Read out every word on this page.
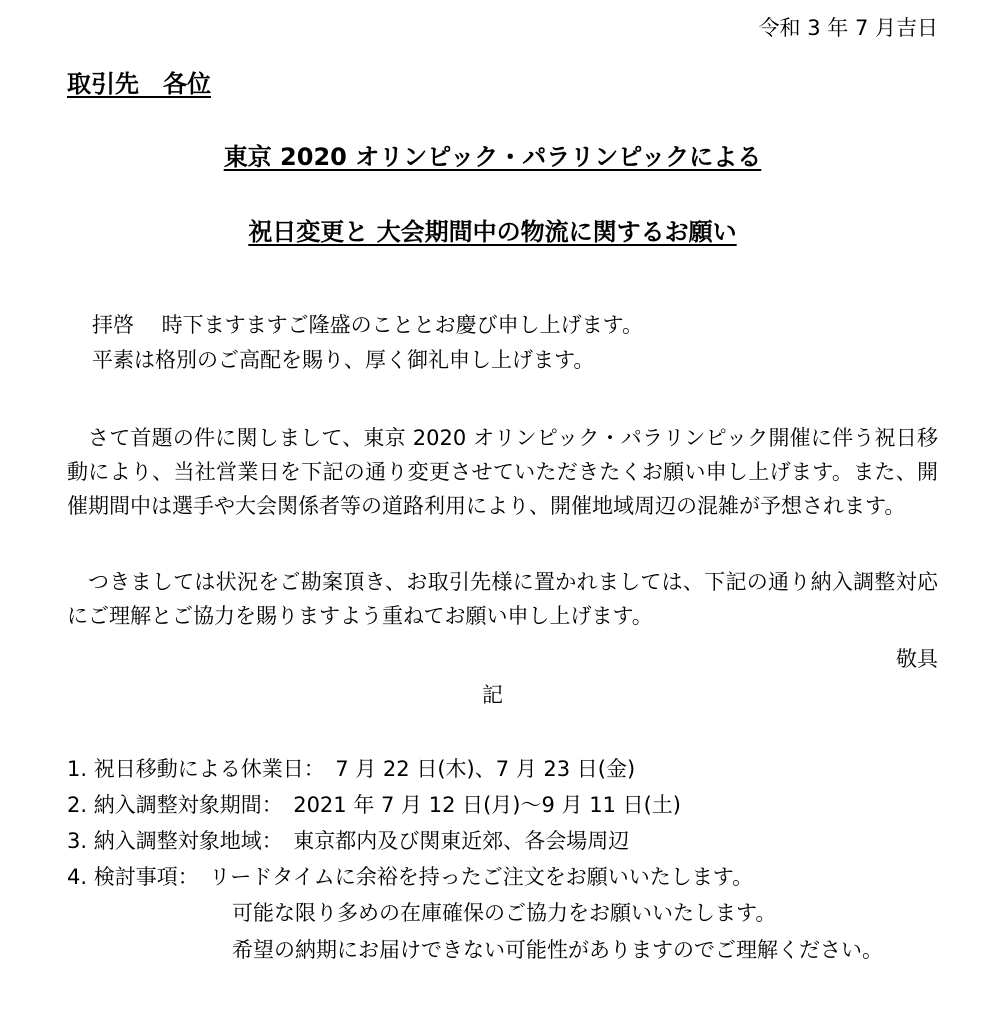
令和 3 年 7 月吉日
取引先　各位
東京 2020 オリンピック・パラリンピックによる
祝日変更と 大会期間中の物流に関するお願い
拝啓　 時下ますますご隆盛のこととお慶び申し上げます。
平素は格別のご高配を賜り、厚く御礼申し上げます。
さて首題の件に関しまして、東京 2020 オリンピック・パラリンピック開催に伴う祝日移動により、当社営業日を下記の通り変更させていただきたくお願い申し上げます。また、開催期間中は選手や大会関係者等の道路利用により、開催地域周辺の混雑が予想されます。
つきましては状況をご勘案頂き、お取引先様に置かれましては、下記の通り納入調整対応にご理解とご協力を賜りますよう重ねてお願い申し上げます。
敬具
記
1. 祝日移動による休業日：　7 月 22 日(木)、7 月 23 日(金)
2. 納入調整対象期間：　2021 年 7 月 12 日(月)～9 月 11 日(土)
3. 納入調整対象地域：　東京都内及び関東近郊、各会場周辺
4. 検討事項：　リードタイムに余裕を持ったご注文をお願いいたします。
可能な限り多めの在庫確保のご協力をお願いいたします。
希望の納期にお届けできない可能性がありますのでご理解ください。
